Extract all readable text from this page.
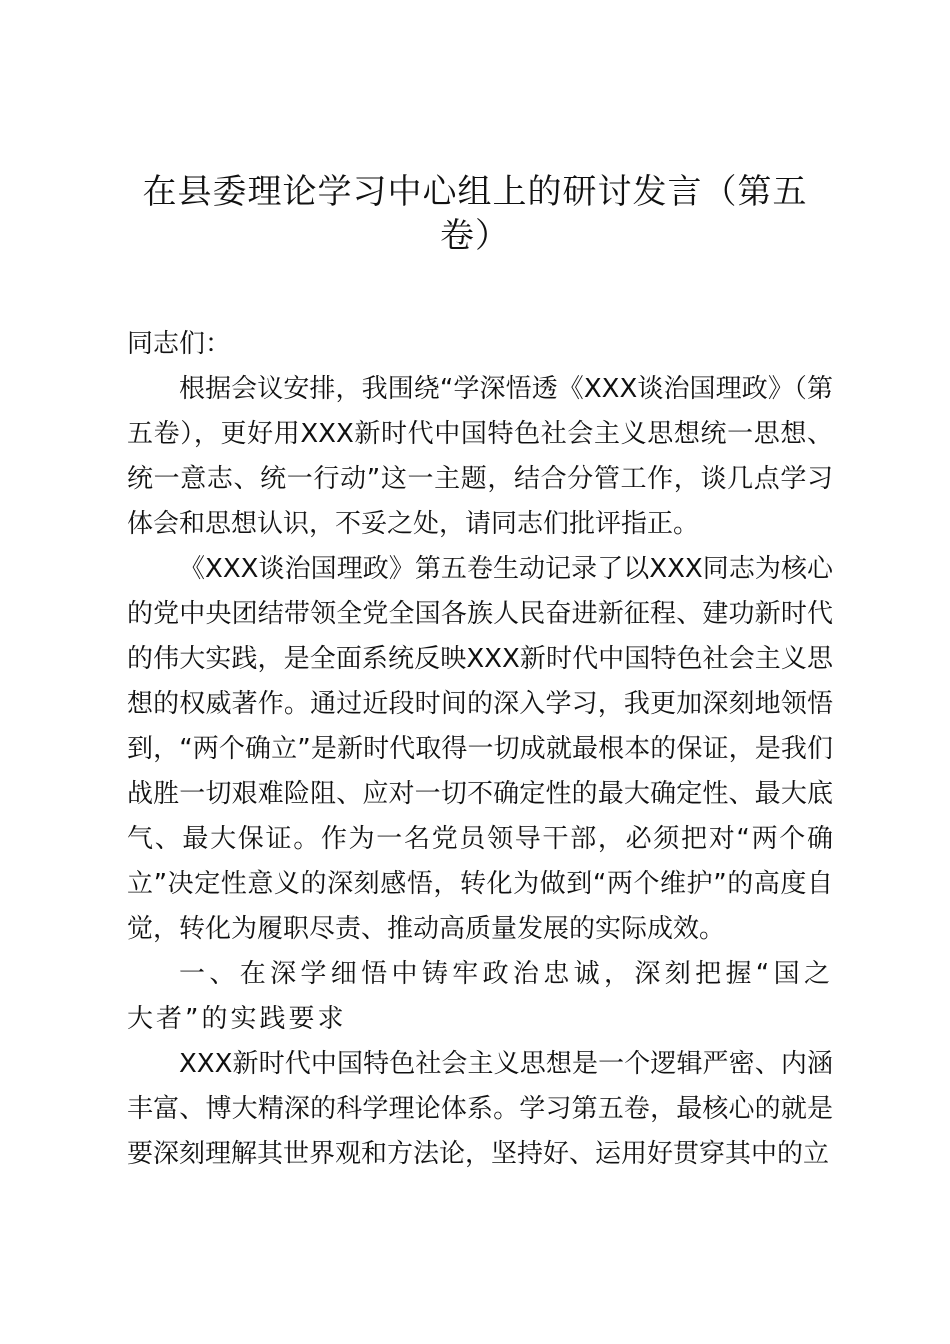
在县委理论学习中心组上的研讨发言（第五卷）

同志们：

根据会议安排，我围绕“学深悟透《XXX谈治国理政》（第五卷），更好用XXX新时代中国特色社会主义思想统一思想、统一意志、统一行动”这一主题，结合分管工作，谈几点学习体会和思想认识，不妥之处，请同志们批评指正。

《XXX谈治国理政》第五卷生动记录了以XXX同志为核心的党中央团结带领全党全国各族人民奋进新征程、建功新时代的伟大实践，是全面系统反映XXX新时代中国特色社会主义思想的权威著作。通过近段时间的深入学习，我更加深刻地领悟到，“两个确立”是新时代取得一切成就最根本的保证，是我们战胜一切艰难险阻、应对一切不确定性的最大确定性、最大底气、最大保证。作为一名党员领导干部，必须把对“两个确立”决定性意义的深刻感悟，转化为做到“两个维护”的高度自觉，转化为履职尽责、推动高质量发展的实际成效。

一、在深学细悟中铸牢政治忠诚，深刻把握“国之大者”的实践要求

XXX新时代中国特色社会主义思想是一个逻辑严密、内涵丰富、博大精深的科学理论体系。学习第五卷，最核心的就是要深刻理解其世界观和方法论，坚持好、运用好贯穿其中的立
